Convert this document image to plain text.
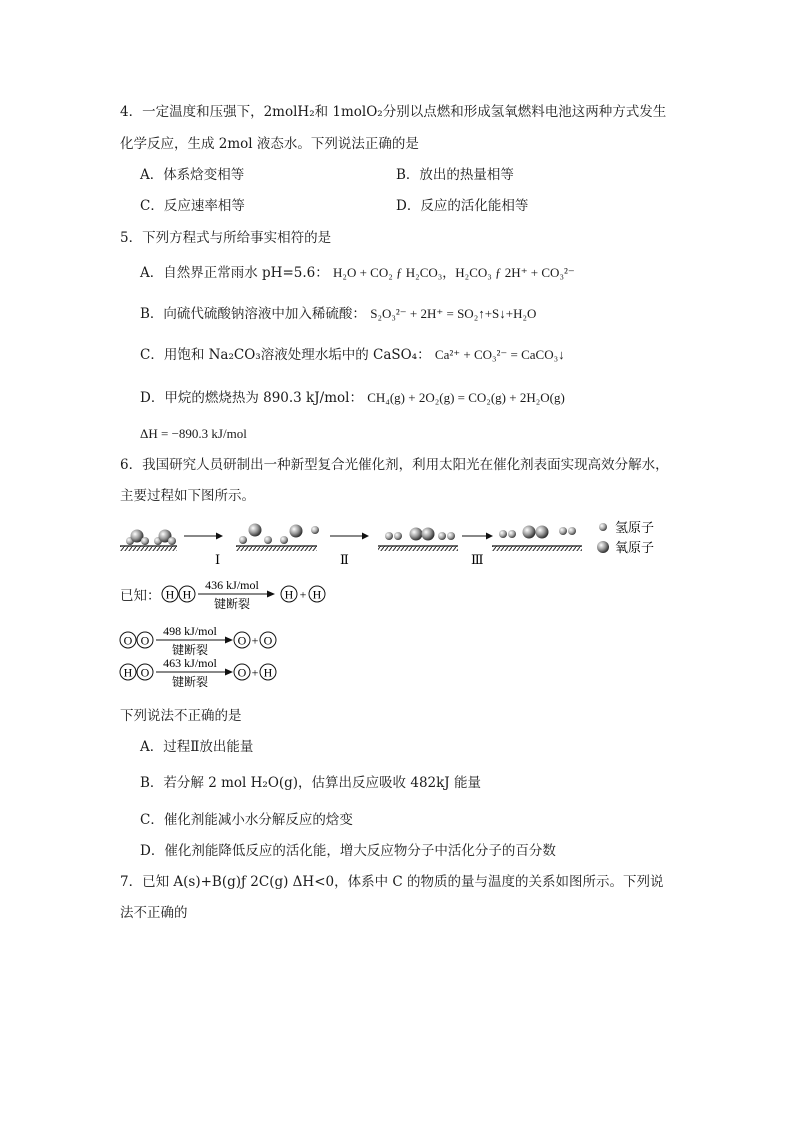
4．一定温度和压强下，2molH₂和 1molO₂分别以点燃和形成氢氧燃料电池这两种方式发生
化学反应，生成 2mol 液态水。下列说法正确的是
A．体系焓变相等	B．放出的热量相等
C．反应速率相等	D．反应的活化能相等
5．下列方程式与所给事实相符的是
A．自然界正常雨水 pH=5.6： H₂O + CO₂ ƒ H₂CO₃，H₂CO₃ ƒ 2H⁺ + CO₃²⁻
B．向硫代硫酸钠溶液中加入稀硫酸： S₂O₃²⁻ + 2H⁺ = SO₂↑+S↓+H₂O
C．用饱和 Na₂CO₃溶液处理水垢中的 CaSO₄： Ca²⁺ + CO₃²⁻ = CaCO₃↓
D．甲烷的燃烧热为 890.3 kJ/mol： CH₄(g) + 2O₂(g) = CO₂(g) + 2H₂O(g)
ΔH = −890.3 kJ/mol
6．我国研究人员研制出一种新型复合光催化剂，利用太阳光在催化剂表面实现高效分解水，
主要过程如下图所示。
Ⅰ	Ⅱ	Ⅲ
氢原子
氧原子
已知： H H
436 kJ/mol
键断裂
H + H
O O
498 kJ/mol
键断裂
O + O
H O
463 kJ/mol
键断裂
O + H
下列说法不正确的是
A．过程Ⅱ放出能量
B．若分解 2 mol H₂O(g)，估算出反应吸收 482kJ 能量
C．催化剂能减小水分解反应的焓变
D．催化剂能降低反应的活化能，增大反应物分子中活化分子的百分数
7．已知 A(s)+B(g)ƒ 2C(g) ΔH<0，体系中 C 的物质的量与温度的关系如图所示。下列说
法不正确的
